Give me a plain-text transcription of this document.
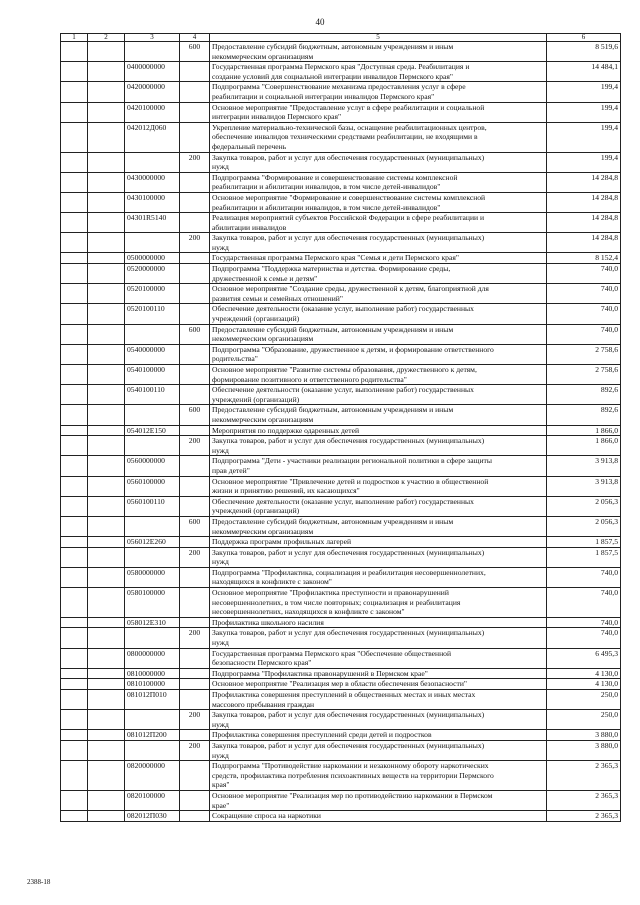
40
1	2	3	4	5	6
			600	Предоставление субсидий бюджетным, автономным учреждениям и иным
некоммерческим организациям	8 519,6
		0400000000		Государственная программа Пермского края "Доступная среда. Реабилитация и
создание условий для социальной интеграции инвалидов Пермского края"	14 484,1
		0420000000		Подпрограмма "Совершенствование механизма предоставления услуг в сфере
реабилитации и социальной интеграции инвалидов Пермского края"	199,4
		0420100000		Основное мероприятие "Предоставление услуг в сфере реабилитации и социальной
интеграции инвалидов Пермского края"	199,4
		042012Д060		Укрепление материально-технической базы, оснащение реабилитационных центров,
обеспечение инвалидов техническими средствами реабилитации, не входящими в
федеральный перечень	199,4
			200	Закупка товаров, работ и услуг для обеспечения государственных (муниципальных)
нужд	199,4
		0430000000		Подпрограмма "Формирование и совершенствование системы комплексной
реабилитации и абилитации инвалидов, в том числе детей-инвалидов"	14 284,8
		0430100000		Основное мероприятие "Формирование и совершенствование системы комплексной
реабилитации и абилитации инвалидов, в том числе детей-инвалидов"	14 284,8
		04301R5140		Реализация мероприятий субъектов Российской Федерации в сфере реабилитации и
абилитации инвалидов	14 284,8
			200	Закупка товаров, работ и услуг для обеспечения государственных (муниципальных)
нужд	14 284,8
		0500000000		Государственная программа Пермского края "Семья и дети Пермского края"	8 152,4
		0520000000		Подпрограмма "Поддержка материнства и детства. Формирование среды,
дружественной к семье и детям"	740,0
		0520100000		Основное мероприятие "Создание среды, дружественной к детям, благоприятной для
развития семьи и семейных отношений"	740,0
		0520100110		Обеспечение деятельности (оказание услуг, выполнение работ) государственных
учреждений (организаций)	740,0
			600	Предоставление субсидий бюджетным, автономным учреждениям и иным
некоммерческим организациям	740,0
		0540000000		Подпрограмма "Образование, дружественное к детям, и формирование ответственного
родительства"	2 758,6
		0540100000		Основное мероприятие "Развитие системы образования, дружественного к детям,
формирование позитивного и ответственного родительства"	2 758,6
		0540100110		Обеспечение деятельности (оказание услуг, выполнение работ) государственных
учреждений (организаций)	892,6
			600	Предоставление субсидий бюджетным, автономным учреждениям и иным
некоммерческим организациям	892,6
		054012Е150		Мероприятия по поддержке одаренных детей	1 866,0
			200	Закупка товаров, работ и услуг для обеспечения государственных (муниципальных)
нужд	1 866,0
		0560000000		Подпрограмма "Дети - участники реализации региональной политики в сфере защиты
прав детей"	3 913,8
		0560100000		Основное мероприятие "Привлечение детей и подростков к участию в общественной
жизни и принятию решений, их касающихся"	3 913,8
		0560100110		Обеспечение деятельности (оказание услуг, выполнение работ) государственных
учреждений (организаций)	2 056,3
			600	Предоставление субсидий бюджетным, автономным учреждениям и иным
некоммерческим организациям	2 056,3
		056012Е260		Поддержка программ профильных лагерей	1 857,5
			200	Закупка товаров, работ и услуг для обеспечения государственных (муниципальных)
нужд	1 857,5
		0580000000		Подпрограмма "Профилактика, социализация и реабилитация несовершеннолетних,
находящихся в конфликте с законом"	740,0
		0580100000		Основное мероприятие "Профилактика преступности и правонарушений
несовершеннолетних, в том числе повторных; социализация и реабилитация
несовершеннолетних, находящихся в конфликте с законом"	740,0
		058012Е310		Профилактика школьного насилия	740,0
			200	Закупка товаров, работ и услуг для обеспечения государственных (муниципальных)
нужд	740,0
		0800000000		Государственная программа Пермского края "Обеспечение общественной
безопасности Пермского края"	6 495,3
		0810000000		Подпрограмма "Профилактика правонарушений в Пермском крае"	4 130,0
		0810100000		Основное мероприятие "Реализация мер в области обеспечения безопасности"	4 130,0
		081012П010		Профилактика совершения преступлений в общественных местах и иных местах
массового пребывания граждан	250,0
			200	Закупка товаров, работ и услуг для обеспечения государственных (муниципальных)
нужд	250,0
		081012П200		Профилактика совершения преступлений среди детей и подростков	3 880,0
			200	Закупка товаров, работ и услуг для обеспечения государственных (муниципальных)
нужд	3 880,0
		0820000000		Подпрограмма "Противодействие наркомании и незаконному обороту наркотических
средств, профилактика потребления психоактивных веществ на территории Пермского
края"	2 365,3
		0820100000		Основное мероприятие "Реализация мер по противодействию наркомании в Пермском
крае"	2 365,3
		082012П030		Сокращение спроса на наркотики	2 365,3
2388-18
